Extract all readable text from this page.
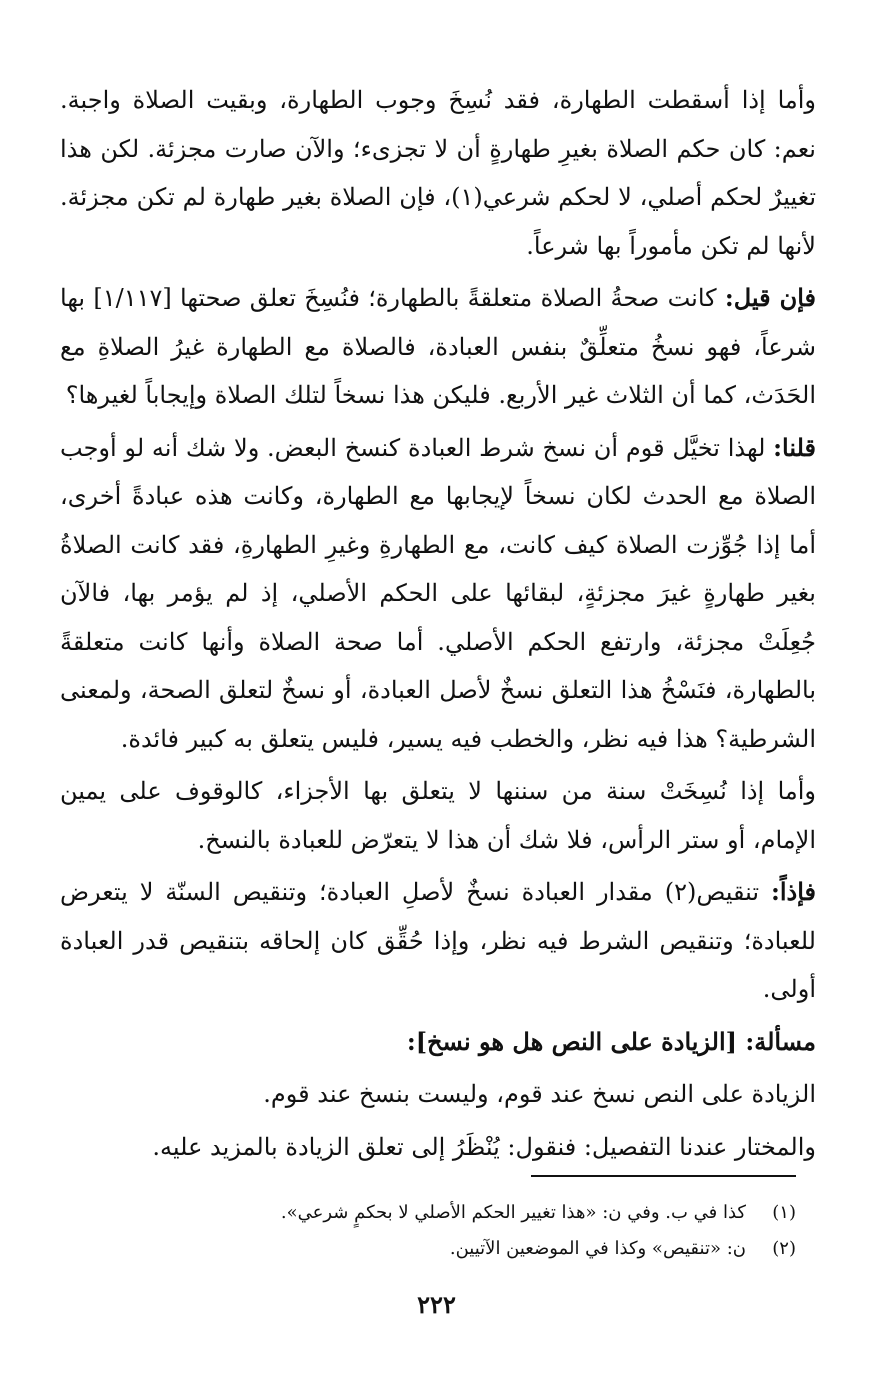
وأما إذا أسقطت الطهارة، فقد نُسِخَ وجوب الطهارة، وبقيت الصلاة واجبة. نعم: كان حكم الصلاة بغيرِ طهارةٍ أن لا تجزىء؛ والآن صارت مجزئة. لكن هذا تغييرٌ لحكم أصلي، لا لحكم شرعي(١)، فإن الصلاة بغير طهارة لم تكن مجزئة. لأنها لم تكن مأموراً بها شرعاً.

فإن قيل: كانت صحةُ الصلاة متعلقةً بالطهارة؛ فنُسِخَ تعلق صحتها [١/١١٧] بها شرعاً، فهو نسخُ متعلِّقٌ بنفس العبادة، فالصلاة مع الطهارة غيرُ الصلاةِ مع الحَدَث، كما أن الثلاث غير الأربع. فليكن هذا نسخاً لتلك الصلاة وإيجاباً لغيرها؟

قلنا: لهذا تخيَّل قوم أن نسخ شرط العبادة كنسخ البعض. ولا شك أنه لو أوجب الصلاة مع الحدث لكان نسخاً لإيجابها مع الطهارة، وكانت هذه عبادةً أخرى، أما إذا جُوِّزت الصلاة كيف كانت، مع الطهارةِ وغيرِ الطهارةِ، فقد كانت الصلاةُ بغير طهارةٍ غيرَ مجزئةٍ، لبقائها على الحكم الأصلي، إذ لم يؤمر بها، فالآن جُعِلَتْ مجزئة، وارتفع الحكم الأصلي. أما صحة الصلاة وأنها كانت متعلقةً بالطهارة، فنَسْخُ هذا التعلق نسخٌ لأصل العبادة، أو نسخٌ لتعلق الصحة، ولمعنى الشرطية؟ هذا فيه نظر، والخطب فيه يسير، فليس يتعلق به كبير فائدة.

وأما إذا نُسِخَتْ سنة من سننها لا يتعلق بها الأجزاء، كالوقوف على يمين الإمام، أو ستر الرأس، فلا شك أن هذا لا يتعرّض للعبادة بالنسخ.

فإذاً: تنقيص(٢) مقدار العبادة نسخٌ لأصلِ العبادة؛ وتنقيص السنّة لا يتعرض للعبادة؛ وتنقيص الشرط فيه نظر، وإذا حُقِّق كان إلحاقه بتنقيص قدر العبادة أولى.

مسألة: [الزيادة على النص هل هو نسخ]:

الزيادة على النص نسخ عند قوم، وليست بنسخ عند قوم.

والمختار عندنا التفصيل: فنقول: يُنْظَرُ إلى تعلق الزيادة بالمزيد عليه.

(١)كذا في ب. وفي ن: «هذا تغيير الحكم الأصلي لا بحكمٍ شرعي».
(٢)ن: «تنقيص» وكذا في الموضعين الآتيين.
٢٢٢
